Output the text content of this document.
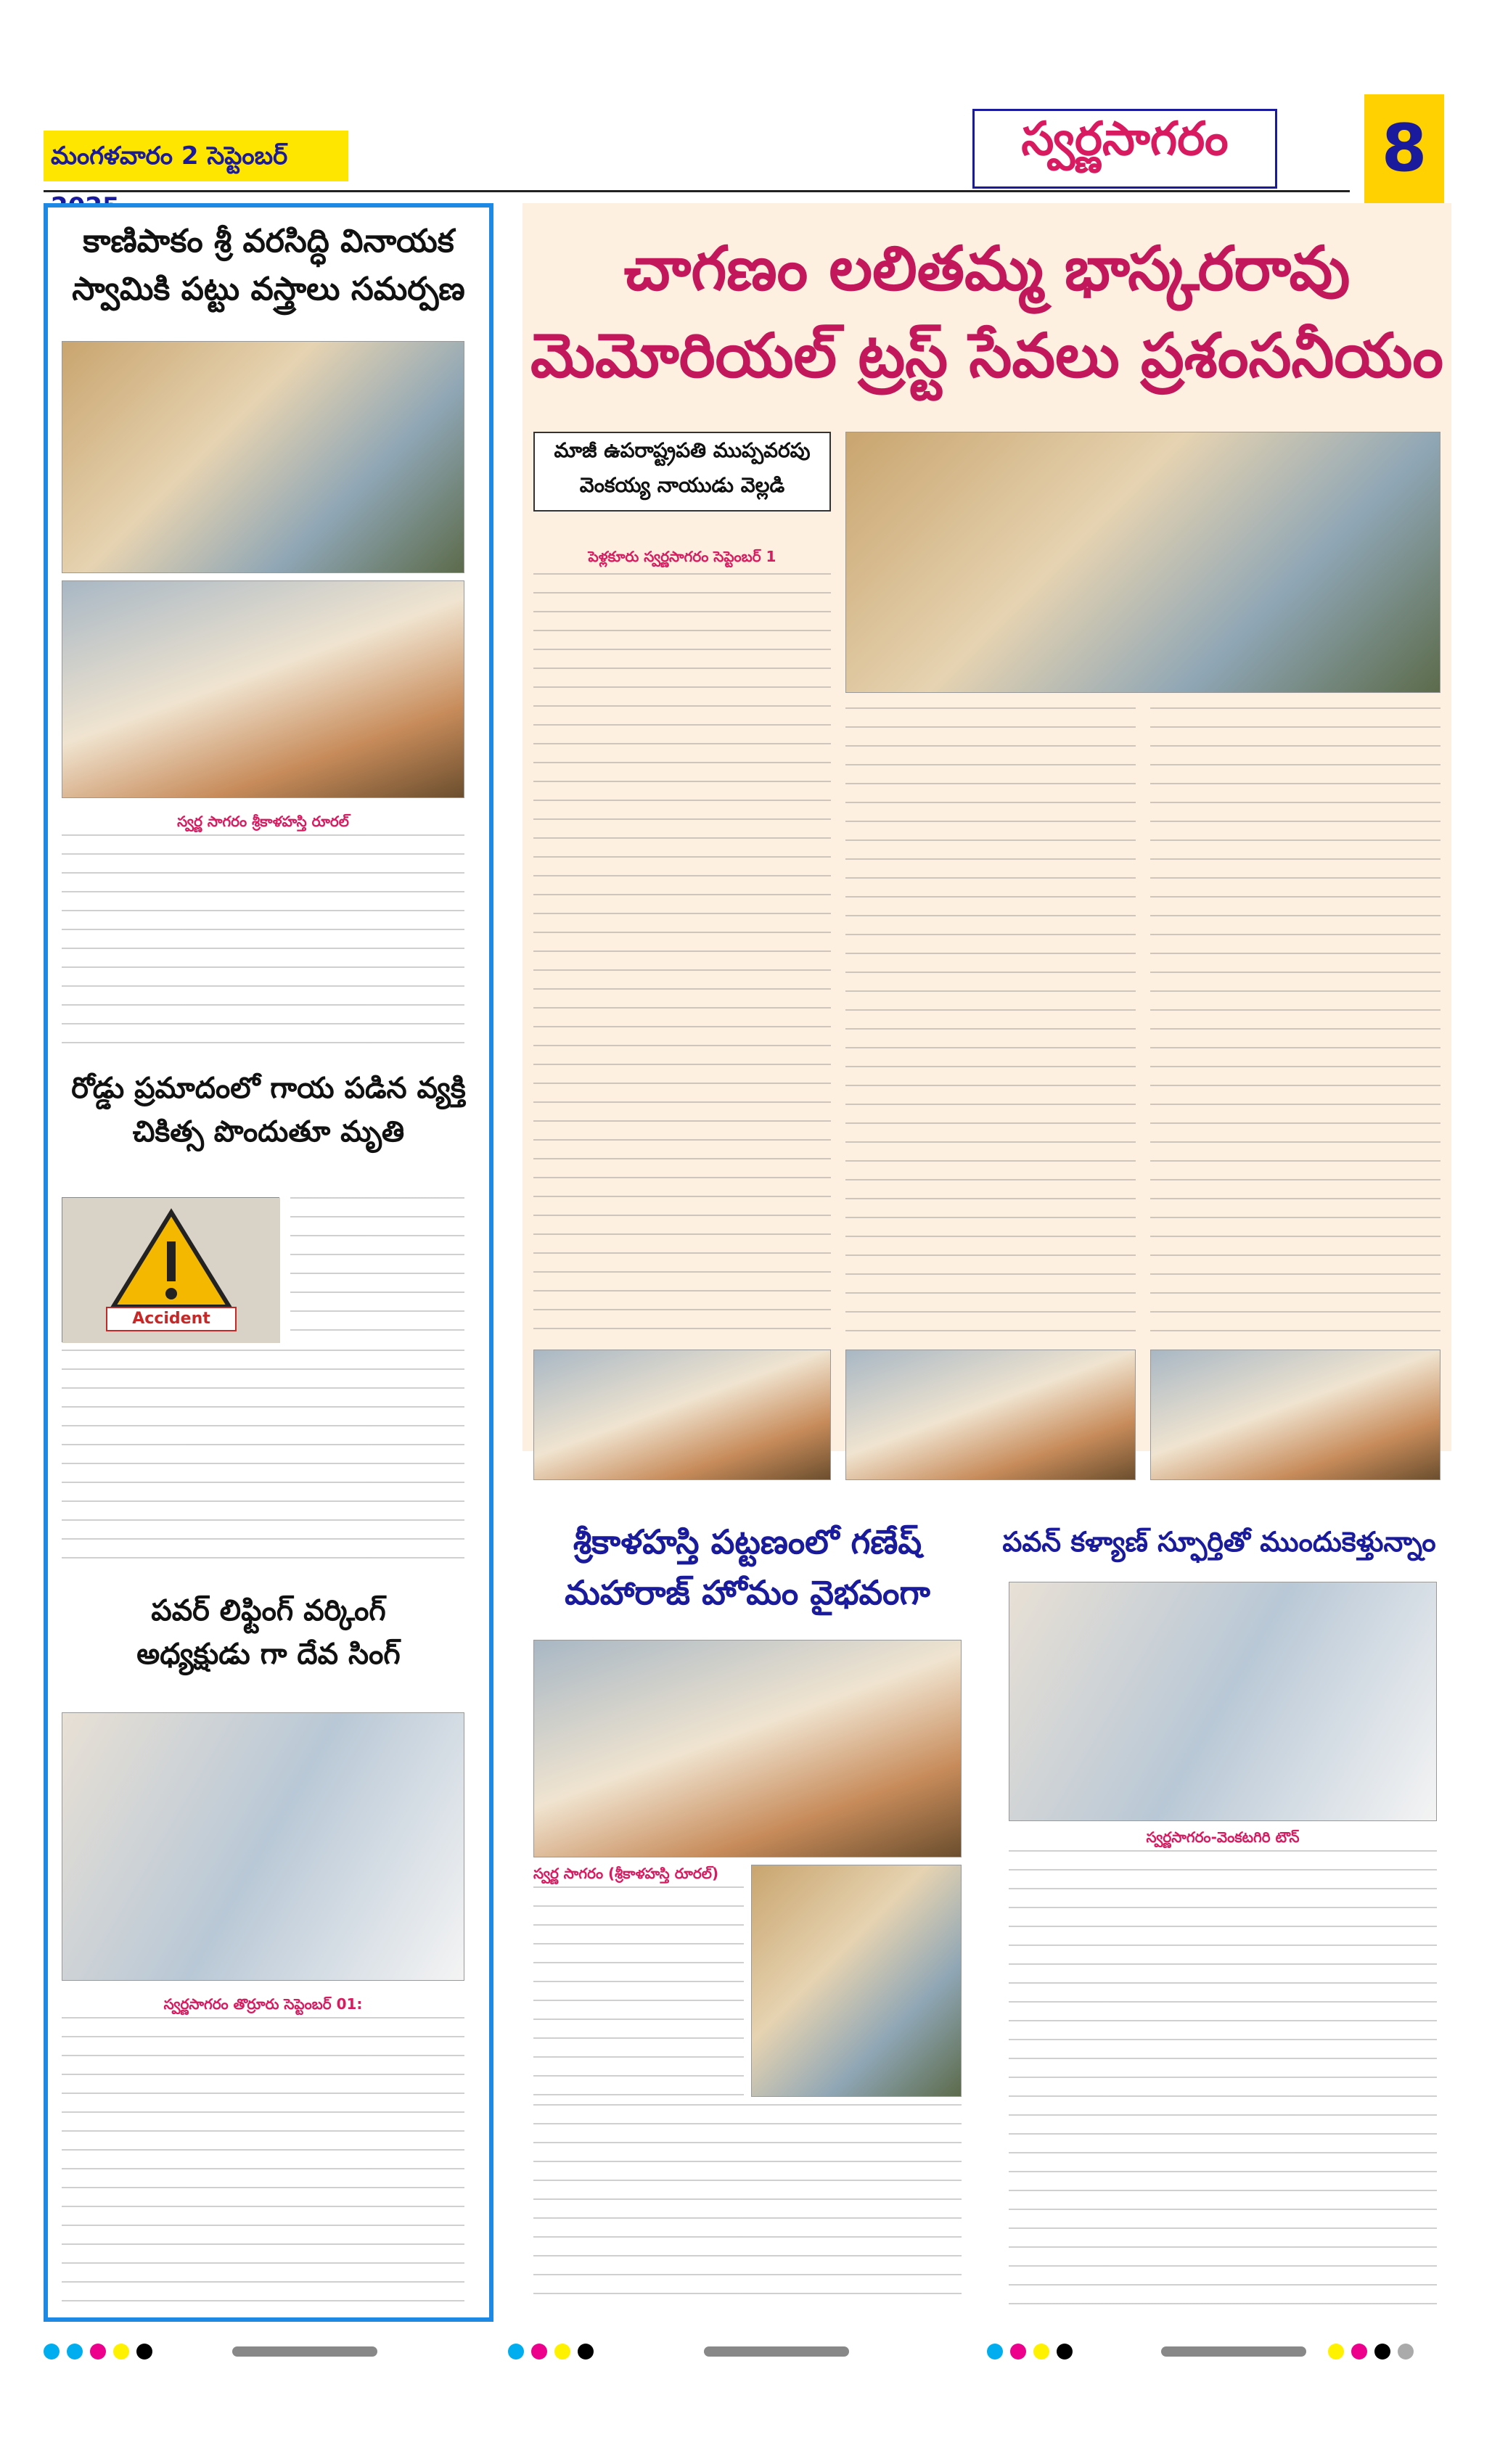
మంగళవారం 2 సెప్టెంబర్	స్వర్ణసాగరం
	8
కాణిపాకం శ్రీ వరసిద్ధి వినాయక
స్వామికి పట్టు వస్త్రాలు సమర్పణ
స్వర్ణ సాగరం శ్రీకాళహస్తి రూరల్
రోడ్డు ప్రమాదంలో గాయ పడిన వ్యక్తి
చికిత్స పొందుతూ మృతి
Accident
పవర్ లిఫ్టింగ్ వర్కింగ్
అధ్యక్షుడు గా దేవ సింగ్
స్వర్ణసాగరం తొర్రూరు సెప్టెంబర్ 01:
చాగణం లలితమ్మ భాస్కరరావు
మెమోరియల్ ట్రస్ట్ సేవలు ప్రశంసనీయం
మాజీ ఉపరాష్ట్రపతి ముప్పవరపు
వెంకయ్య నాయుడు వెల్లడి
పెళ్లకూరు స్వర్ణసాగరం సెప్టెంబర్ 1
శ్రీకాళహస్తి పట్టణంలో గణేష్
మహారాజ్ హోమం వైభవంగా
స్వర్ణ సాగరం (శ్రీకాళహస్తి రూరల్)
పవన్ కళ్యాణ్ స్ఫూర్తితో ముందుకెళ్తున్నాం
స్వర్ణసాగరం-వెంకటగిరి టౌన్
